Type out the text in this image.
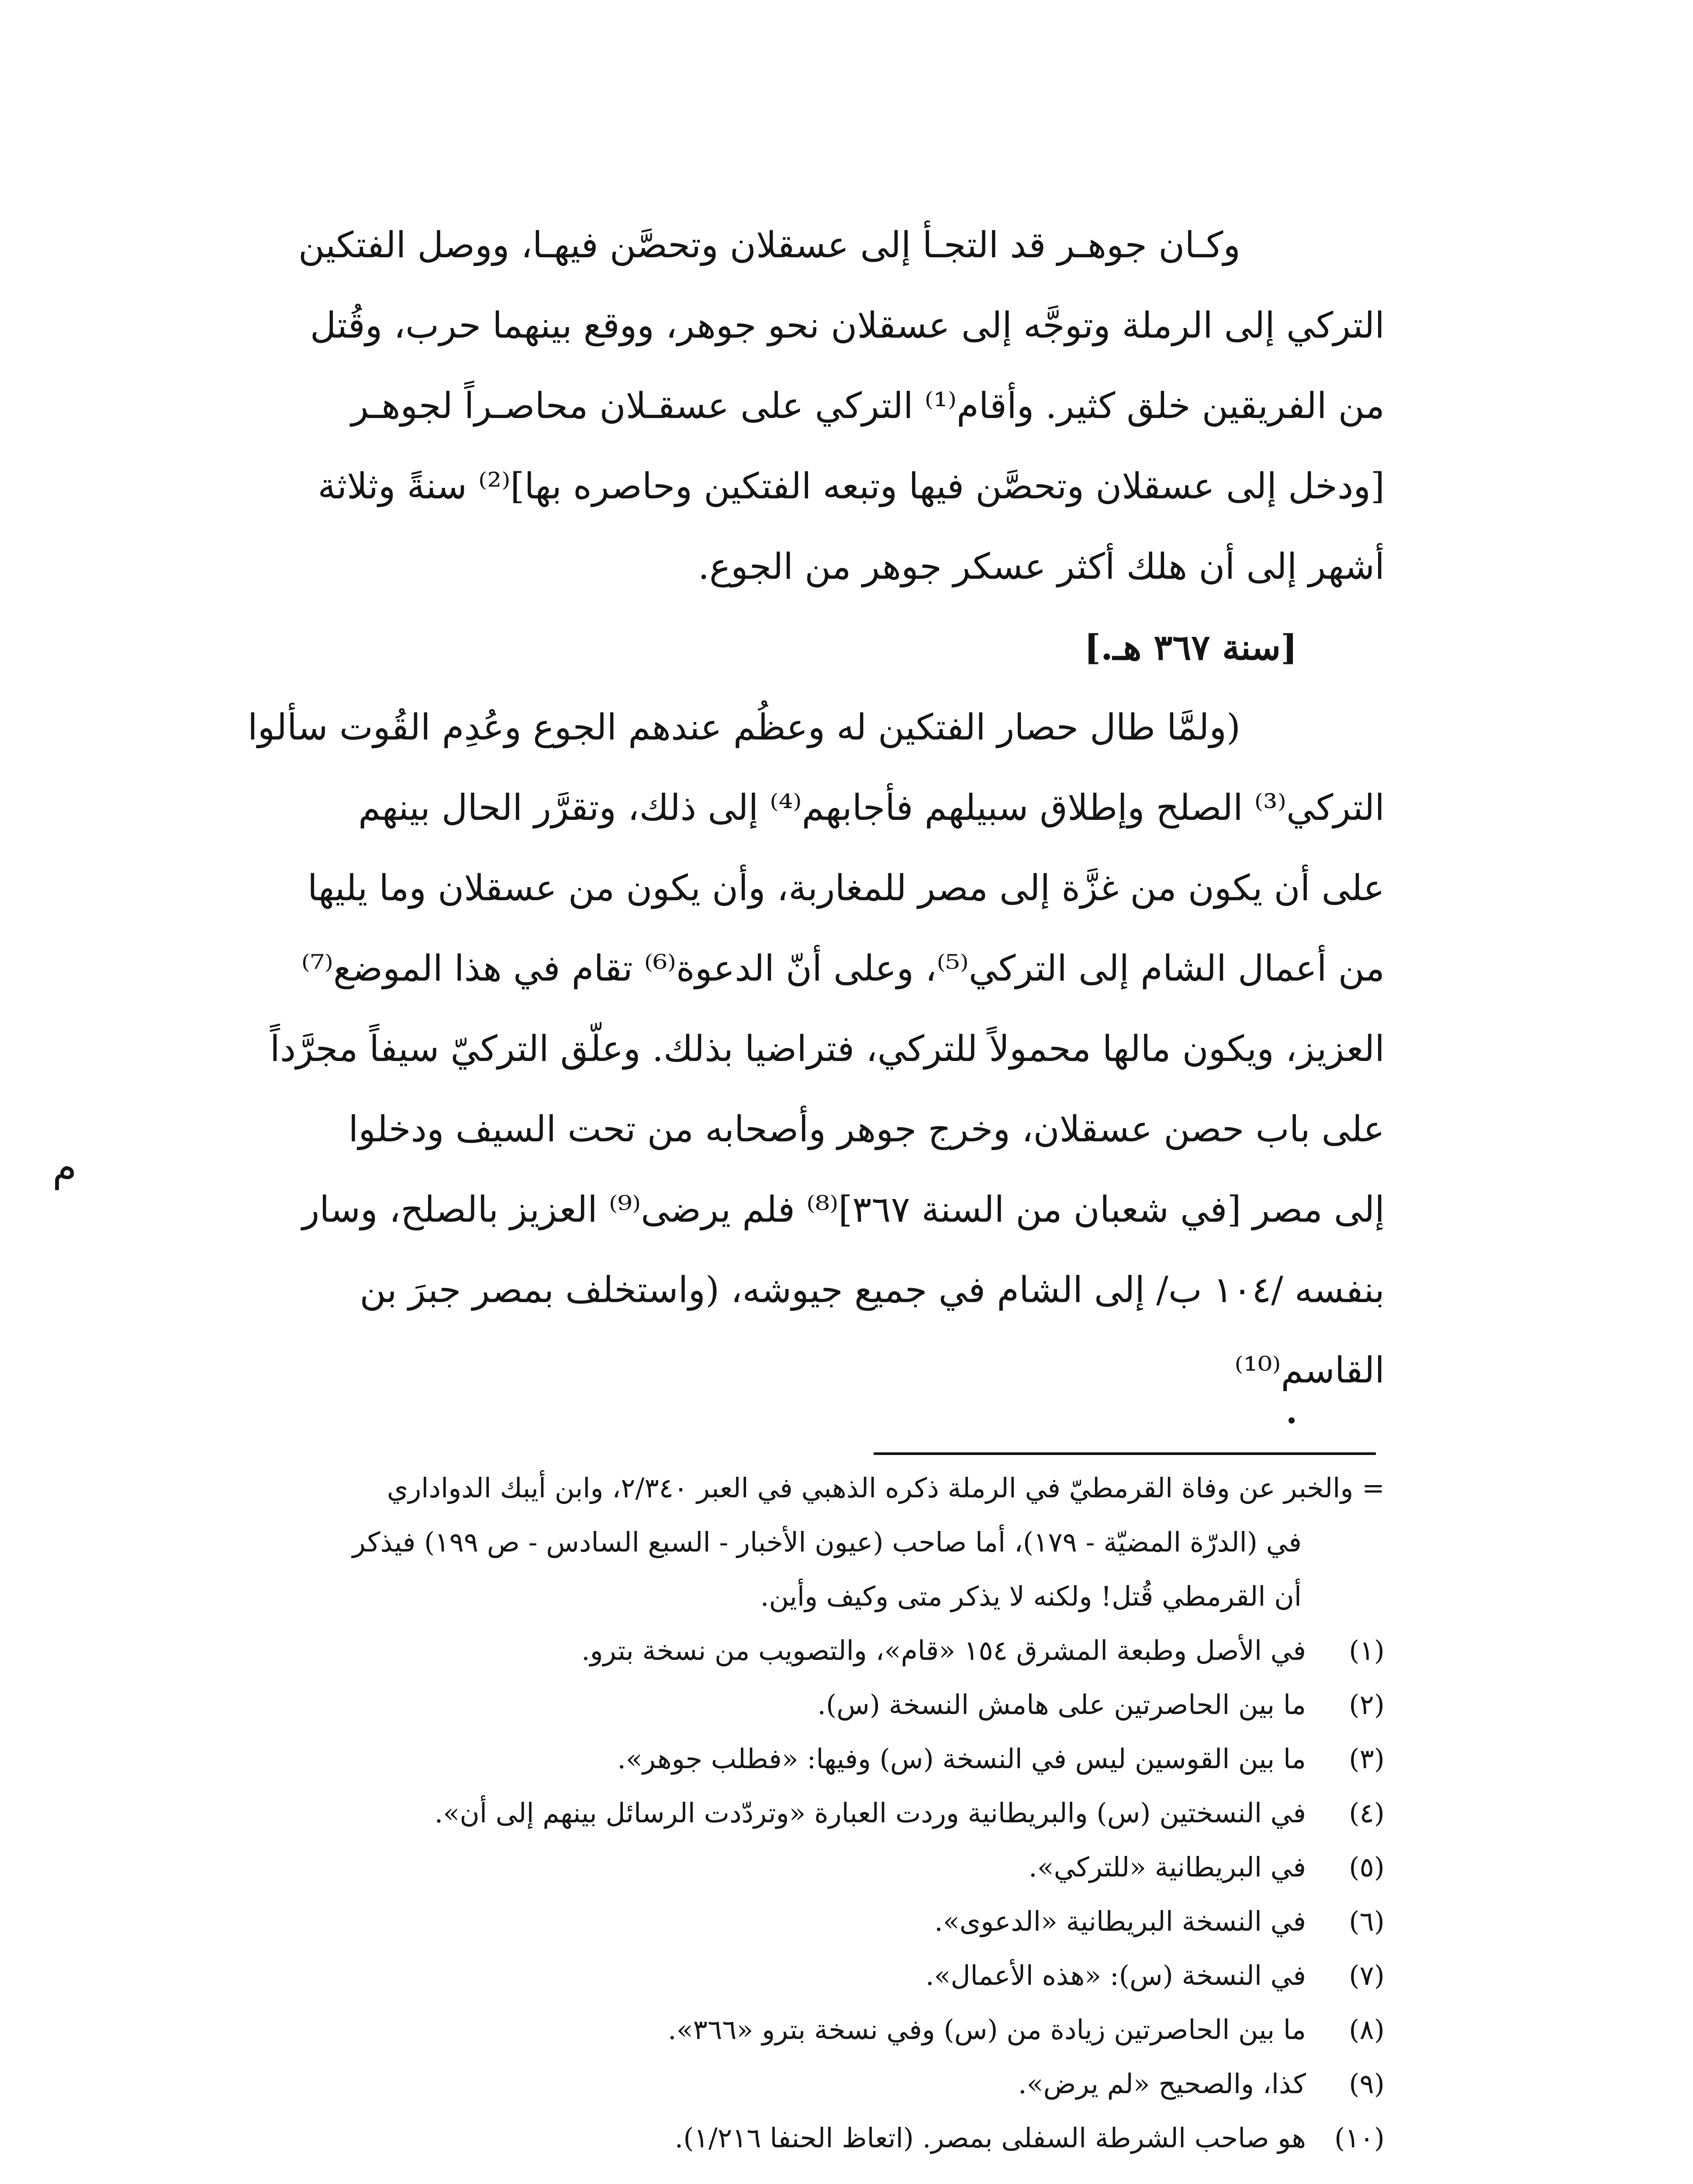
وكـان جوهـر قد التجـأ إلى عسقلان وتحصَّن فيهـا، ووصل الفتكين
التركي إلى الرملة وتوجَّه إلى عسقلان نحو جوهر، ووقع بينهما حرب، وقُتل
من الفريقين خلق كثير. وأقام⁽¹⁾ التركي على عسقـلان محاصـراً لجوهـر
[ودخل إلى عسقلان وتحصَّن فيها وتبعه الفتكين وحاصره بها]⁽²⁾ سنةً وثلاثة
أشهر إلى أن هلك أكثر عسكر جوهر من الجوع.
[سنة ٣٦٧ هـ.]
(ولمَّا طال حصار الفتكين له وعظُم عندهم الجوع وعُدِم القُوت سألوا
التركي⁽³⁾ الصلح وإطلاق سبيلهم فأجابهم⁽⁴⁾ إلى ذلك، وتقرَّر الحال بينهم
على أن يكون من غزَّة إلى مصر للمغاربة، وأن يكون من عسقلان وما يليها
من أعمال الشام إلى التركي⁽⁵⁾، وعلى أنّ الدعوة⁽⁶⁾ تقام في هذا الموضع⁽⁷⁾
العزيز، ويكون مالها محمولاً للتركي، فتراضيا بذلك. وعلّق التركيّ سيفاً مجرَّداً
على باب حصن عسقلان، وخرج جوهر وأصحابه من تحت السيف ودخلوا
إلى مصر [في شعبان من السنة ٣٦٧]⁽⁸⁾ فلم يرضى⁽⁹⁾ العزيز بالصلح، وسار
بنفسه /١٠٤ ب/ إلى الشام في جميع جيوشه، (واستخلف بمصر جبرَ بن
القاسم⁽¹⁰⁾
م
= والخبر عن وفاة القرمطيّ في الرملة ذكره الذهبي في العبر ٢/٣٤٠، وابن أيبك الدواداري
في (الدرّة المضيّة - ١٧٩)، أما صاحب (عيون الأخبار - السبع السادس - ص ١٩٩) فيذكر
أن القرمطي قُتل! ولكنه لا يذكر متى وكيف وأين.
(١)في الأصل وطبعة المشرق ١٥٤ «قام»، والتصويب من نسخة بترو.
(٢)ما بين الحاصرتين على هامش النسخة (س).
(٣)ما بين القوسين ليس في النسخة (س) وفيها: «فطلب جوهر».
(٤)في النسختين (س) والبريطانية وردت العبارة «وتردّدت الرسائل بينهم إلى أن».
(٥)في البريطانية «للتركي».
(٦)في النسخة البريطانية «الدعوى».
(٧)في النسخة (س): «هذه الأعمال».
(٨)ما بين الحاصرتين زيادة من (س) وفي نسخة بترو «٣٦٦».
(٩)كذا، والصحيح «لم يرض».
(١٠)هو صاحب الشرطة السفلى بمصر. (اتعاظ الحنفا ١/٢١٦).
